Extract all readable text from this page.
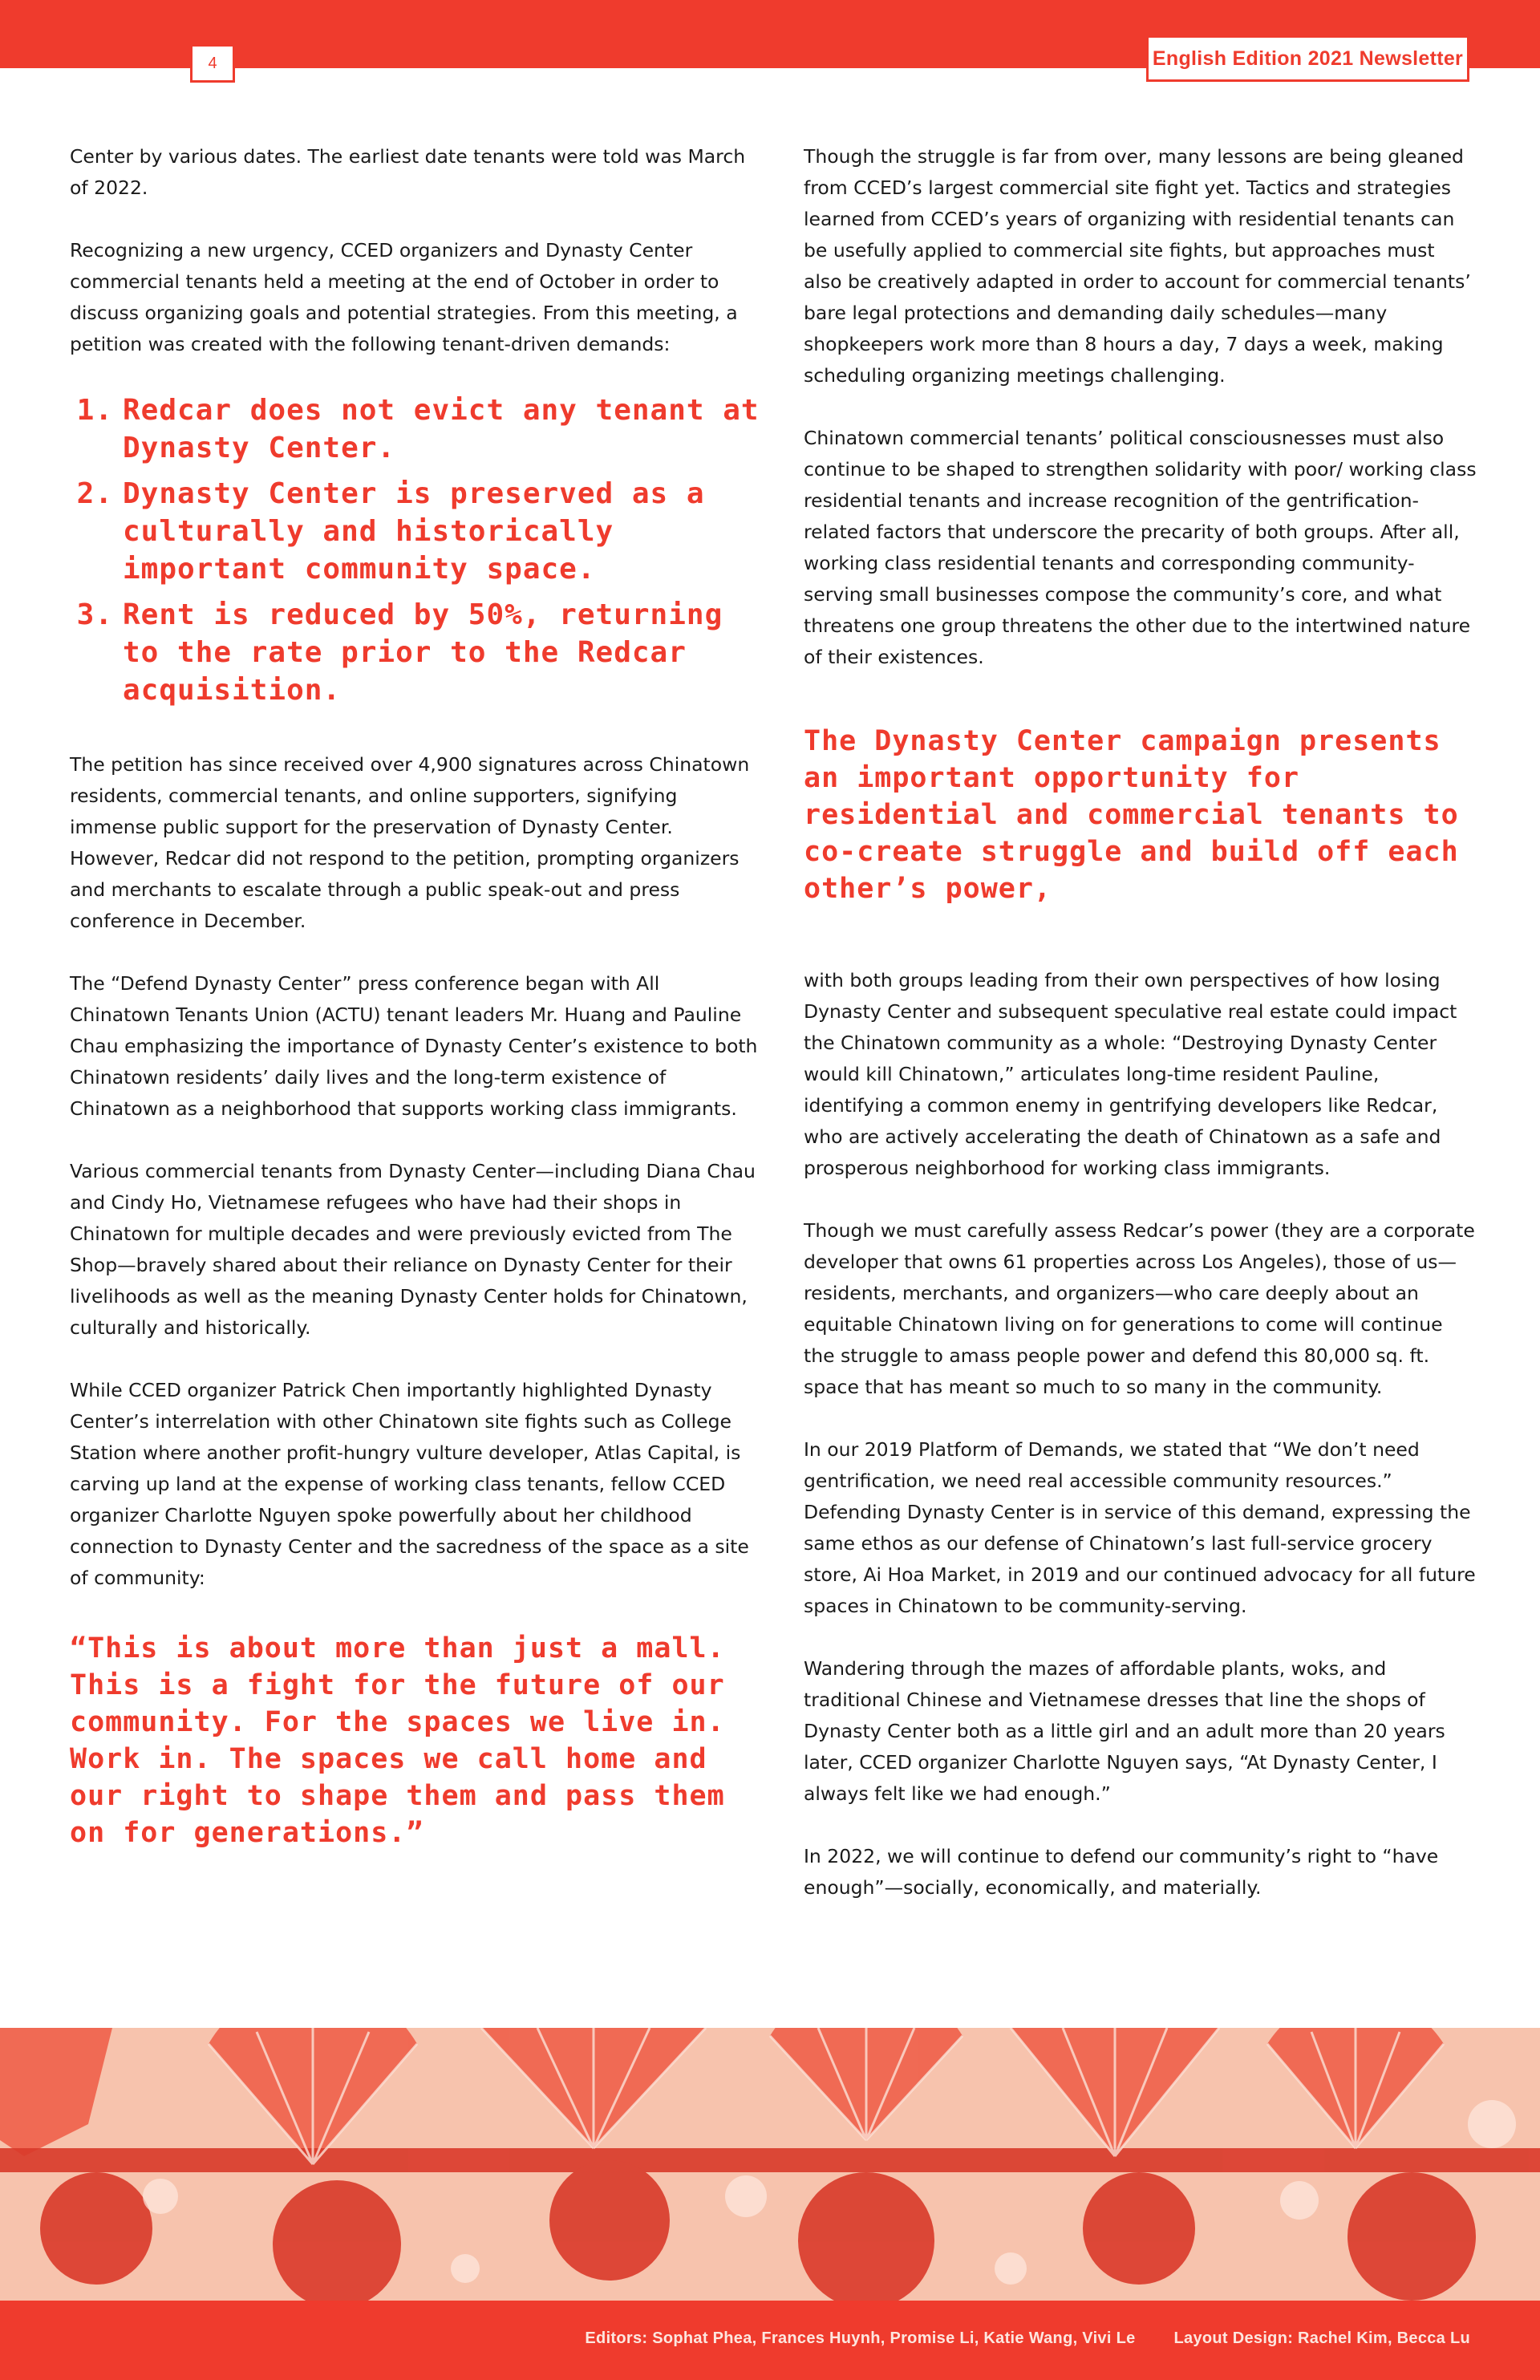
4	English Edition 2021 Newsletter

Center by various dates. The earliest date tenants were told was March of 2022.

Recognizing a new urgency, CCED organizers and Dynasty Center commercial tenants held a meeting at the end of October in order to discuss organizing goals and potential strategies. From this meeting, a petition was created with the following tenant-driven demands:

1. Redcar does not evict any tenant at Dynasty Center.
2. Dynasty Center is preserved as a culturally and historically important community space.
3. Rent is reduced by 50%, returning to the rate prior to the Redcar acquisition.

The petition has since received over 4,900 signatures across Chinatown residents, commercial tenants, and online supporters, signifying immense public support for the preservation of Dynasty Center. However, Redcar did not respond to the petition, prompting organizers and merchants to escalate through a public speak-out and press conference in December.

The “Defend Dynasty Center” press conference began with All Chinatown Tenants Union (ACTU) tenant leaders Mr. Huang and Pauline Chau emphasizing the importance of Dynasty Center’s existence to both Chinatown residents’ daily lives and the long-term existence of Chinatown as a neighborhood that supports working class immigrants.

Various commercial tenants from Dynasty Center—including Diana Chau and Cindy Ho, Vietnamese refugees who have had their shops in Chinatown for multiple decades and were previously evicted from The Shop—bravely shared about their reliance on Dynasty Center for their livelihoods as well as the meaning Dynasty Center holds for Chinatown, culturally and historically.

While CCED organizer Patrick Chen importantly highlighted Dynasty Center’s interrelation with other Chinatown site fights such as College Station where another profit-hungry vulture developer, Atlas Capital, is carving up land at the expense of working class tenants, fellow CCED organizer Charlotte Nguyen spoke powerfully about her childhood connection to Dynasty Center and the sacredness of the space as a site of community:

“This is about more than just a mall. This is a fight for the future of our community. For the spaces we live in. Work in. The spaces we call home and our right to shape them and pass them on for generations.”

Though the struggle is far from over, many lessons are being gleaned from CCED’s largest commercial site fight yet. Tactics and strategies learned from CCED’s years of organizing with residential tenants can be usefully applied to commercial site fights, but approaches must also be creatively adapted in order to account for commercial tenants’ bare legal protections and demanding daily schedules—many shopkeepers work more than 8 hours a day, 7 days a week, making scheduling organizing meetings challenging.

Chinatown commercial tenants’ political consciousnesses must also continue to be shaped to strengthen solidarity with poor/ working class residential tenants and increase recognition of the gentrification-related factors that underscore the precarity of both groups. After all, working class residential tenants and corresponding community-serving small businesses compose the community’s core, and what threatens one group threatens the other due to the intertwined nature of their existences.

The Dynasty Center campaign presents an important opportunity for residential and commercial tenants to co-create struggle and build off each other’s power,

with both groups leading from their own perspectives of how losing Dynasty Center and subsequent speculative real estate could impact the Chinatown community as a whole: “Destroying Dynasty Center would kill Chinatown,” articulates long-time resident Pauline, identifying a common enemy in gentrifying developers like Redcar, who are actively accelerating the death of Chinatown as a safe and prosperous neighborhood for working class immigrants.

Though we must carefully assess Redcar’s power (they are a corporate developer that owns 61 properties across Los Angeles), those of us—residents, merchants, and organizers—who care deeply about an equitable Chinatown living on for generations to come will continue the struggle to amass people power and defend this 80,000 sq. ft. space that has meant so much to so many in the community.

In our 2019 Platform of Demands, we stated that “We don’t need gentrification, we need real accessible community resources.” Defending Dynasty Center is in service of this demand, expressing the same ethos as our defense of Chinatown’s last full-service grocery store, Ai Hoa Market, in 2019 and our continued advocacy for all future spaces in Chinatown to be community-serving.

Wandering through the mazes of affordable plants, woks, and traditional Chinese and Vietnamese dresses that line the shops of Dynasty Center both as a little girl and an adult more than 20 years later, CCED organizer Charlotte Nguyen says, “At Dynasty Center, I always felt like we had enough.”

In 2022, we will continue to defend our community’s right to “have enough”—socially, economically, and materially.

Editors: Sophat Phea, Frances Huynh, Promise Li, Katie Wang, Vivi Le Layout Design: Rachel Kim, Becca Lu
